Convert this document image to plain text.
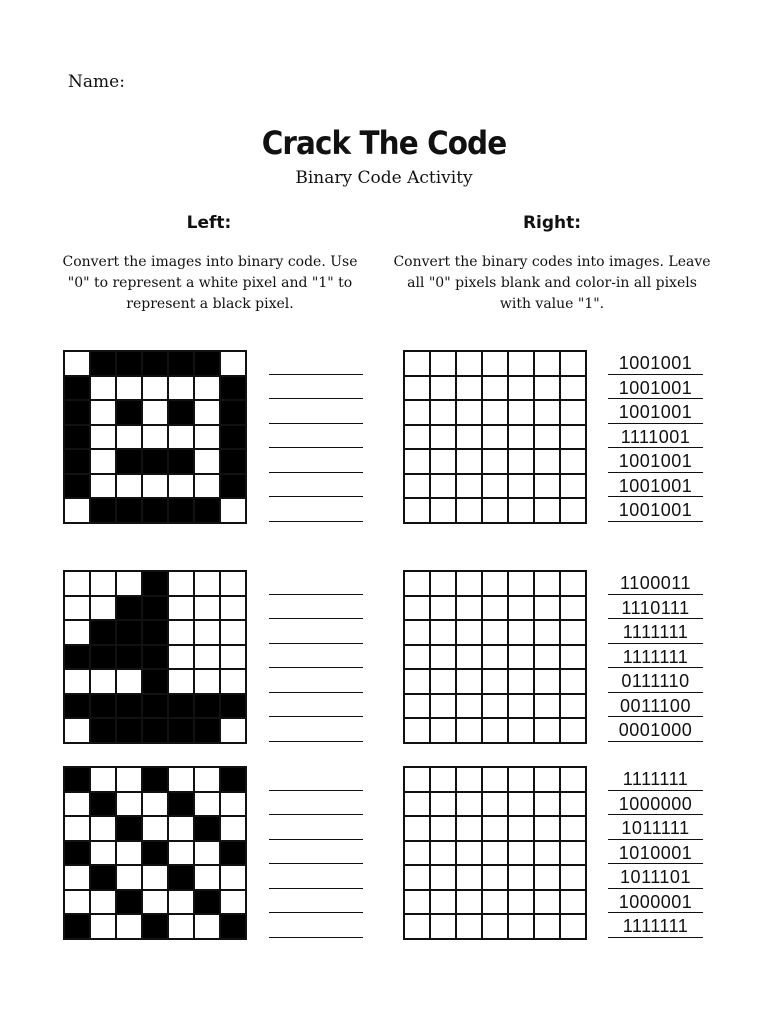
Name:
Crack The Code
Binary Code Activity
Left:	Right:
Convert the images into binary code. Use "0" to represent a white pixel and "1" to represent a black pixel.
Convert the binary codes into images. Leave all "0" pixels blank and color-in all pixels with value "1".
1001001
1001001
1001001
1111001
1001001
1001001
1001001
1100011
1110111
1111111
1111111
0111110
0011100
0001000
1111111
1000000
1011111
1010001
1011101
1000001
1111111
